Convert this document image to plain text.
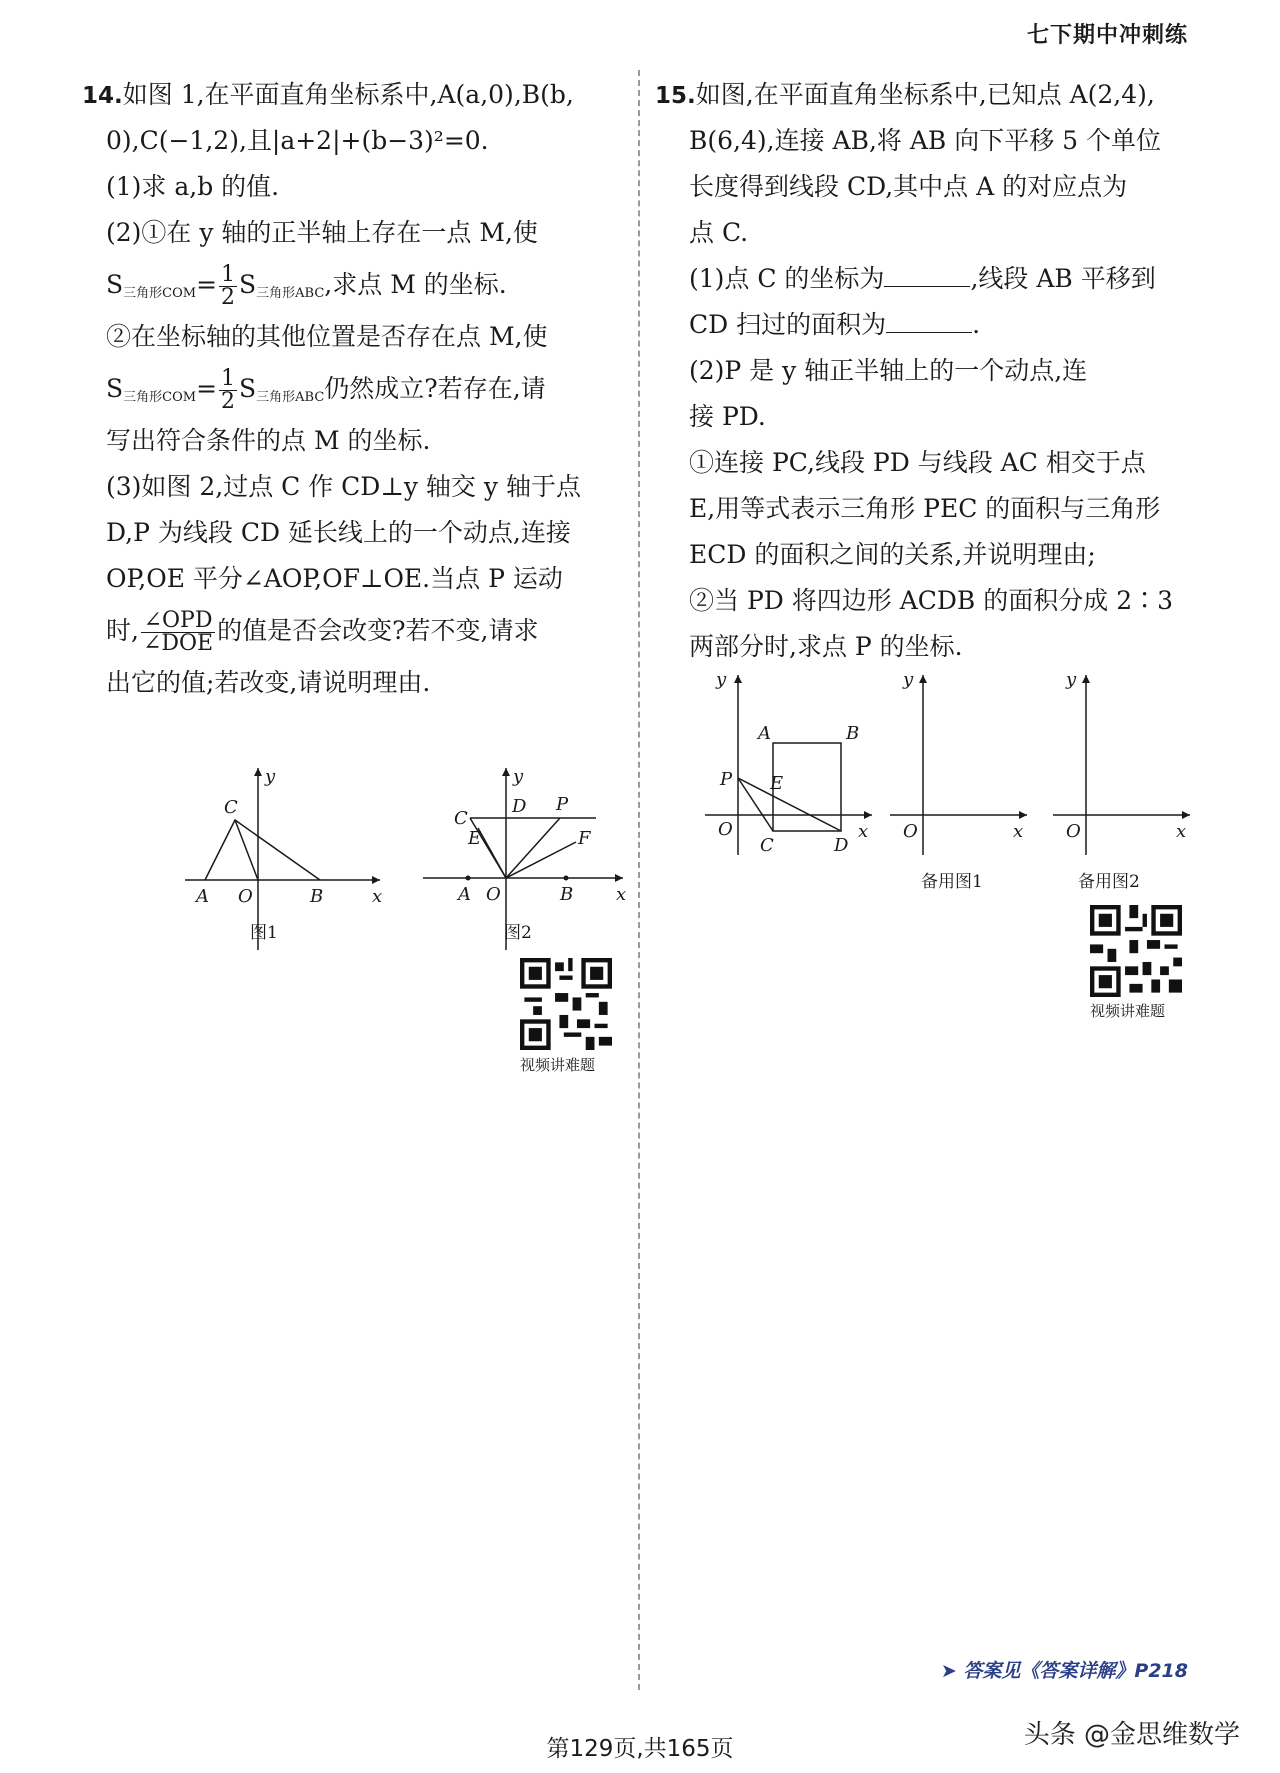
七下期中冲刺练
14.如图 1,在平面直角坐标系中,A(a,0),B(b,
0),C(−1,2),且|a+2|+(b−3)²=0.
(1)求 a,b 的值.
(2)①在 y 轴的正半轴上存在一点 M,使
$S_{三角形COM}= \frac{1}{2} S_{三角形ABC}$,求点 M 的坐标.
②在坐标轴的其他位置是否存在点 M,使
$S_{三角形COM}= \frac{1}{2} S_{三角形ABC}$仍然成立?若存在,请
写出符合条件的点 M 的坐标.
(3)如图 2,过点 C 作 CD⊥y 轴交 y 轴于点
D,P 为线段 CD 延长线上的一个动点,连接
OP,OE 平分∠AOP,OF⊥OE.当点 P 运动
时, $\frac{\text{∠OPD}}{\text{∠DOE}}$ 的值是否会改变?若不变,请求
出它的值;若改变,请说明理由.
y
x
A O	B
C
图1
y
x
A O	B
C
D P
E	F
图2
视频讲难题
15.如图,在平面直角坐标系中,已知点 A(2,4),
B(6,4),连接 AB,将 AB 向下平移 5 个单位
长度得到线段 CD,其中点 A 的对应点为
点 C.
(1)点 C 的坐标为	,线段 AB 平移到
CD 扫过的面积为	.
(2)P 是 y 轴正半轴上的一个动点,连
接 PD.
①连接 PC,线段 PD 与线段 AC 相交于点
E,用等式表示三角形 PEC 的面积与三角形
ECD 的面积之间的关系,并说明理由;
②当 PD 将四边形 ACDB 的面积分成 2∶3
两部分时,求点 P 的坐标.
y
x
A	B
P E
O
C	D
y
x
O
备用图1
y
x
O
备用图2
视频讲难题
➤ 答案见《答案详解》P218
第129页,共165页	头条 @金思维数学
